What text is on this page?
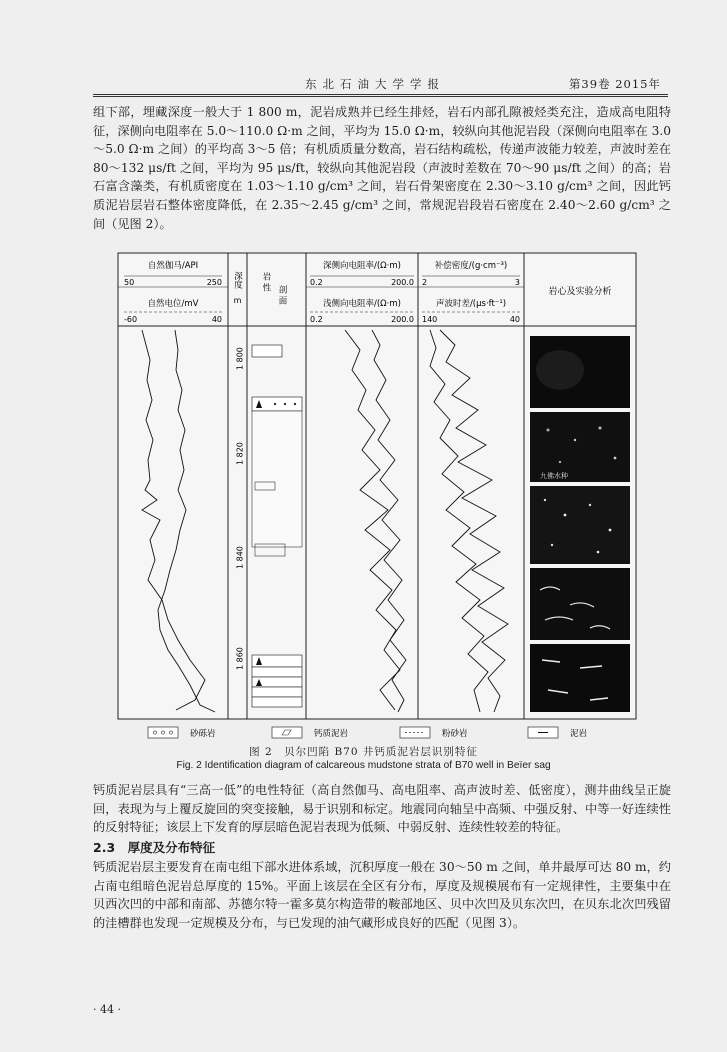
东北石油大学学报	第39卷 2015年

组下部，埋藏深度一般大于 1 800 m，泥岩成熟并已经生排烃，岩石内部孔隙被烃类充注，造成高电阻特征，深侧向电阻率在 5.0～110.0 Ω·m 之间，平均为 15.0 Ω·m，较纵向其他泥岩段（深侧向电阻率在 3.0～5.0 Ω·m 之间）的平均高 3～5 倍；有机质质量分数高，岩石结构疏松，传递声波能力较差，声波时差在 80～132 μs/ft 之间，平均为 95 μs/ft，较纵向其他泥岩段（声波时差数在 70～90 μs/ft 之间）的高；岩石富含藻类，有机质密度在 1.03～1.10 g/cm³ 之间，岩石骨架密度在 2.30～3.10 g/cm³ 之间，因此钙质泥岩层岩石整体密度降低，在 2.35～2.45 g/cm³ 之间，常规泥岩段岩石密度在 2.40～2.60 g/cm³ 之间（见图 2）。

自然伽马/API
50	250
自然电位/mV
-60	40
深度
m
岩 性
剖 面
深侧向电阻率/(Ω·m)
0.2	200.0
浅侧向电阻率/(Ω·m)
0.2	200.0
补偿密度/(g·cm⁻³)
2	3
声波时差/(μs·ft⁻¹)
140	40
岩心及实验分析
1 800
1 820
1 840
1 860
九佛水种
砂砾岩	钙质泥岩	粉砂岩	泥岩
图 2　贝尔凹陷 B70 井钙质泥岩层识别特征
Fig. 2 Identification diagram of calcareous mudstone strata of B70 well in Beïer sag

钙质泥岩层具有“三高一低”的电性特征（高自然伽马、高电阻率、高声波时差、低密度），测井曲线呈正旋回，表现为与上覆反旋回的突变接触，易于识别和标定。地震同向轴呈中高频、中强反射、中等一好连续性的反射特征；该层上下发育的厚层暗色泥岩表现为低频、中弱反射、连续性较差的特征。

2.3　厚度及分布特征

钙质泥岩层主要发育在南屯组下部水进体系域，沉积厚度一般在 30～50 m 之间，单井最厚可达 80 m，约占南屯组暗色泥岩总厚度的 15%。平面上该层在全区有分布，厚度及规模展布有一定规律性，主要集中在贝西次凹的中部和南部、苏德尔特一霍多莫尔构造带的鞍部地区、贝中次凹及贝东次凹，在贝东北次凹残留的洼槽群也发现一定规模及分布，与已发现的油气藏形成良好的匹配（见图 3）。

· 44 ·
